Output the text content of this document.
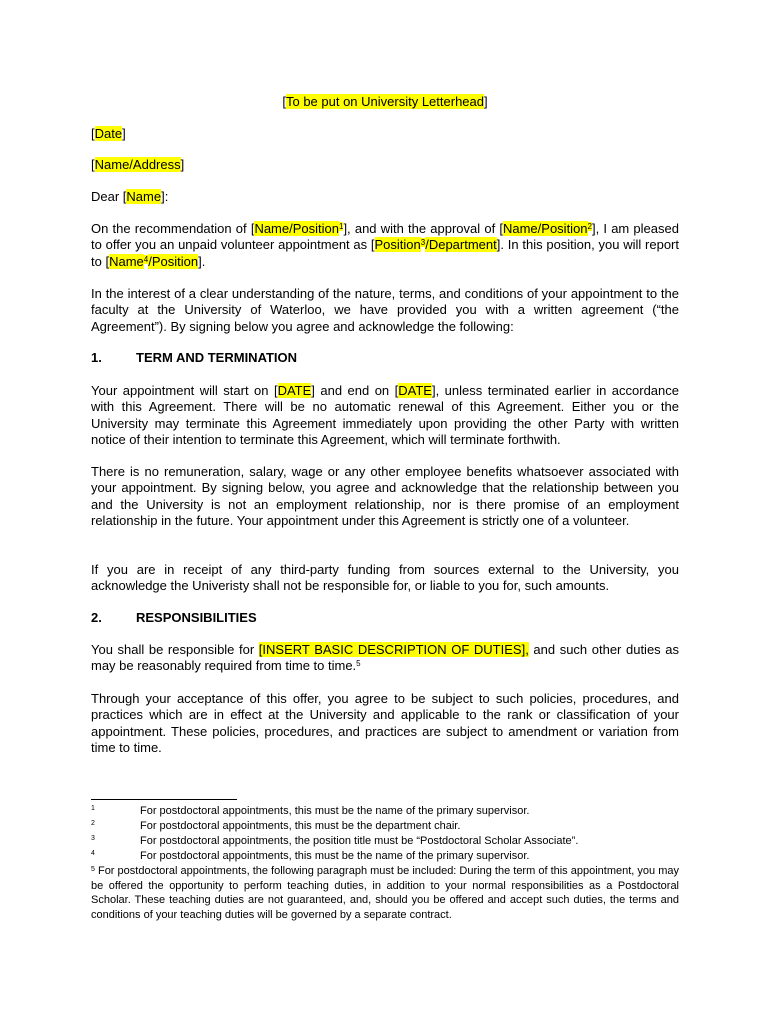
[To be put on University Letterhead]
[Date]
[Name/Address]
Dear [Name]:
On the recommendation of [Name/Position$^1$], and with the approval of [Name/Position$^2$], I am pleased to offer you an unpaid volunteer appointment as [Position$^3$/Department]. In this position, you will report to [Name$^4$/Position].
In the interest of a clear understanding of the nature, terms, and conditions of your appointment to the faculty at the University of Waterloo, we have provided you with a written agreement (“the Agreement”). By signing below you agree and acknowledge the following:
1.	TERM AND TERMINATION
Your appointment will start on [DATE] and end on [DATE], unless terminated earlier in accordance with this Agreement. There will be no automatic renewal of this Agreement. Either you or the University may terminate this Agreement immediately upon providing the other Party with written notice of their intention to terminate this Agreement, which will terminate forthwith.
There is no remuneration, salary, wage or any other employee benefits whatsoever associated with your appointment. By signing below, you agree and acknowledge that the relationship between you and the University is not an employment relationship, nor is there promise of an employment relationship in the future. Your appointment under this Agreement is strictly one of a volunteer.
If you are in receipt of any third-party funding from sources external to the University, you acknowledge the Univeristy shall not be responsible for, or liable to you for, such amounts.
2.	RESPONSIBILITIES
You shall be responsible for [INSERT BASIC DESCRIPTION OF DUTIES], and such other duties as may be reasonably required from time to time.$^5$
Through your acceptance of this offer, you agree to be subject to such policies, procedures, and practices which are in effect at the University and applicable to the rank or classification of your appointment. These policies, procedures, and practices are subject to amendment or variation from time to time.
1	For postdoctoral appointments, this must be the name of the primary supervisor.
2	For postdoctoral appointments, this must be the department chair.
3	For postdoctoral appointments, the position title must be “Postdoctoral Scholar Associate”.
4	For postdoctoral appointments, this must be the name of the primary supervisor.
$^5$ For postdoctoral appointments, the following paragraph must be included: During the term of this appointment, you may be offered the opportunity to perform teaching duties, in addition to your normal responsibilities as a Postdoctoral Scholar. These teaching duties are not guaranteed, and, should you be offered and accept such duties, the terms and conditions of your teaching duties will be governed by a separate contract.
